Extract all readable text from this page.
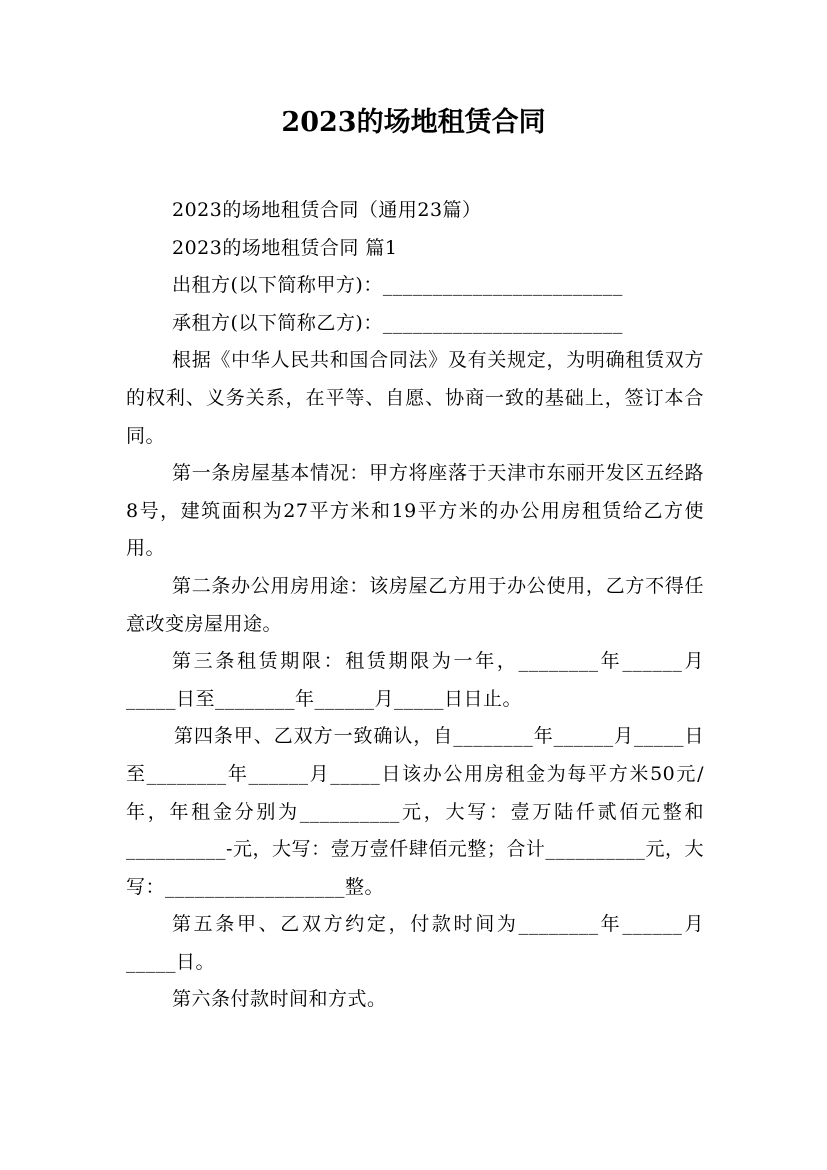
2023的场地租赁合同
2023的场地租赁合同（通用23篇）
2023的场地租赁合同 篇1
出租方(以下简称甲方)：________________________
承租方(以下简称乙方)：________________________
根据《中华人民共和国合同法》及有关规定，为明确租赁双方的权利、义务关系，在平等、自愿、协商一致的基础上，签订本合同。
第一条房屋基本情况：甲方将座落于天津市东丽开发区五经路8号，建筑面积为27平方米和19平方米的办公用房租赁给乙方使用。
第二条办公用房用途：该房屋乙方用于办公使用，乙方不得任意改变房屋用途。
第三条租赁期限：租赁期限为一年，________年______月_____日至________年______月_____日日止。
第四条甲、乙双方一致确认，自________年______月_____日至________年______月_____日该办公用房租金为每平方米50元/年，年租金分别为__________元，大写：壹万陆仟贰佰元整和__________-元，大写：壹万壹仟肆佰元整；合计__________元，大写：__________________整。
第五条甲、乙双方约定，付款时间为________年______月_____日。
第六条付款时间和方式。
